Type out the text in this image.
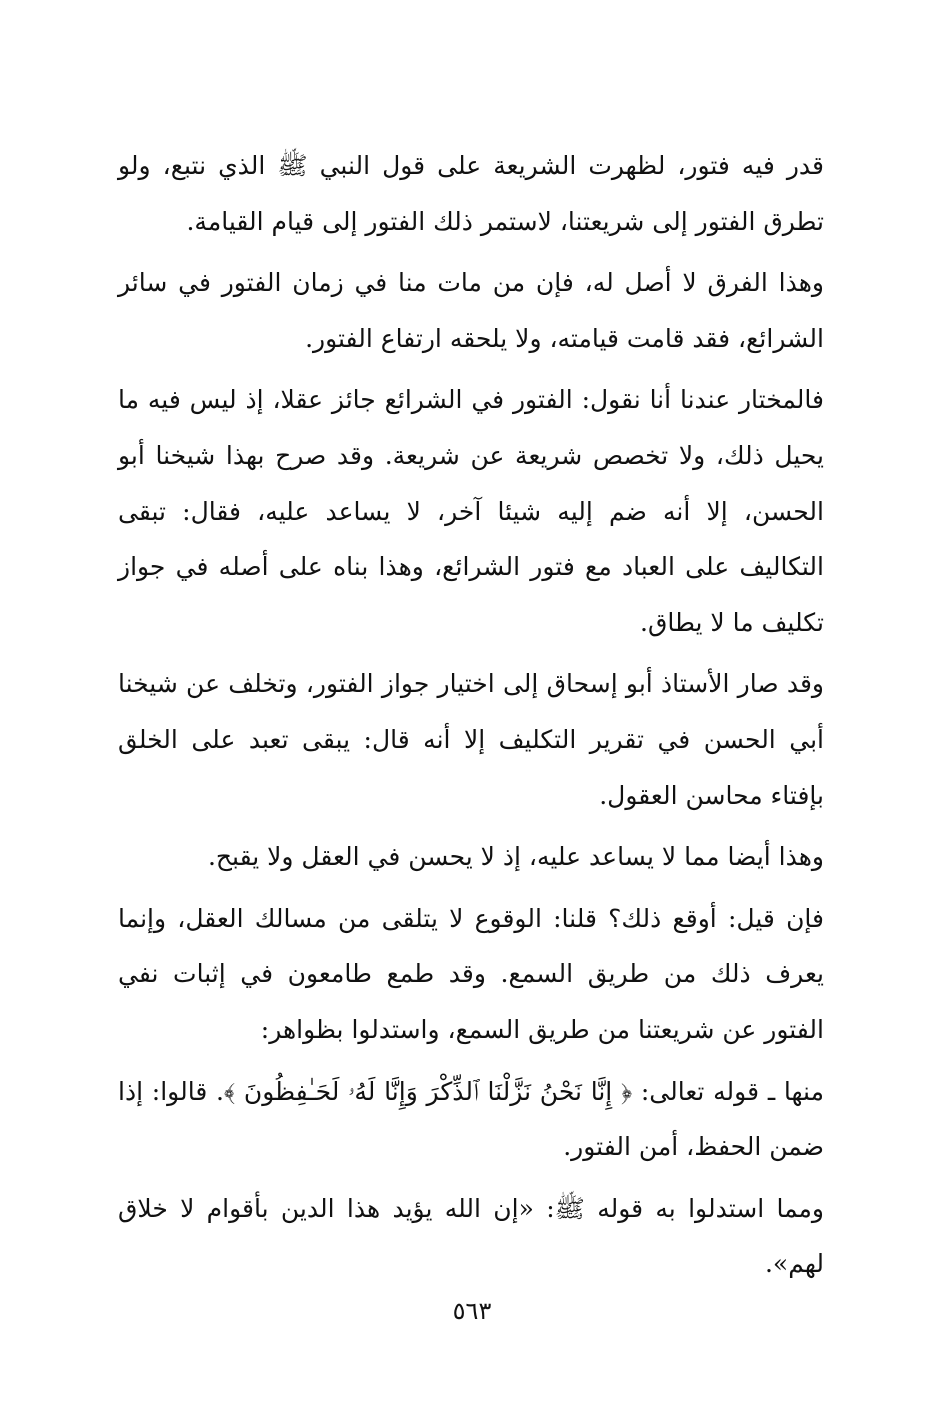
قدر فيه فتور، لظهرت الشريعة على قول النبي ﷺ الذي نتبع، ولو تطرق الفتور إلى شريعتنا، لاستمر ذلك الفتور إلى قيام القيامة.

وهذا الفرق لا أصل له، فإن من مات منا في زمان الفتور في سائر الشرائع، فقد قامت قيامته، ولا يلحقه ارتفاع الفتور.

فالمختار عندنا أنا نقول: الفتور في الشرائع جائز عقلا، إذ ليس فيه ما يحيل ذلك، ولا تخصص شريعة عن شريعة. وقد صرح بهذا شيخنا أبو الحسن، إلا أنه ضم إليه شيئا آخر، لا يساعد عليه، فقال: تبقى التكاليف على العباد مع فتور الشرائع، وهذا بناه على أصله في جواز تكليف ما لا يطاق.

وقد صار الأستاذ أبو إسحاق إلى اختيار جواز الفتور، وتخلف عن شيخنا أبي الحسن في تقرير التكليف إلا أنه قال: يبقى تعبد على الخلق بإفتاء محاسن العقول.

وهذا أيضا مما لا يساعد عليه، إذ لا يحسن في العقل ولا يقبح.

فإن قيل: أوقع ذلك؟ قلنا: الوقوع لا يتلقى من مسالك العقل، وإنما يعرف ذلك من طريق السمع. وقد طمع طامعون في إثبات نفي الفتور عن شريعتنا من طريق السمع، واستدلوا بظواهر:

منها ـ قوله تعالى: ﴿ إِنَّا نَحْنُ نَزَّلْنَا ٱلذِّكْرَ وَإِنَّا لَهُۥ لَحَـٰفِظُونَ ﴾. قالوا: إذا ضمن الحفظ، أمن الفتور.

ومما استدلوا به قوله ﷺ: «إن الله يؤيد هذا الدين بأقوام لا خلاق لهم».

٥٦٣
